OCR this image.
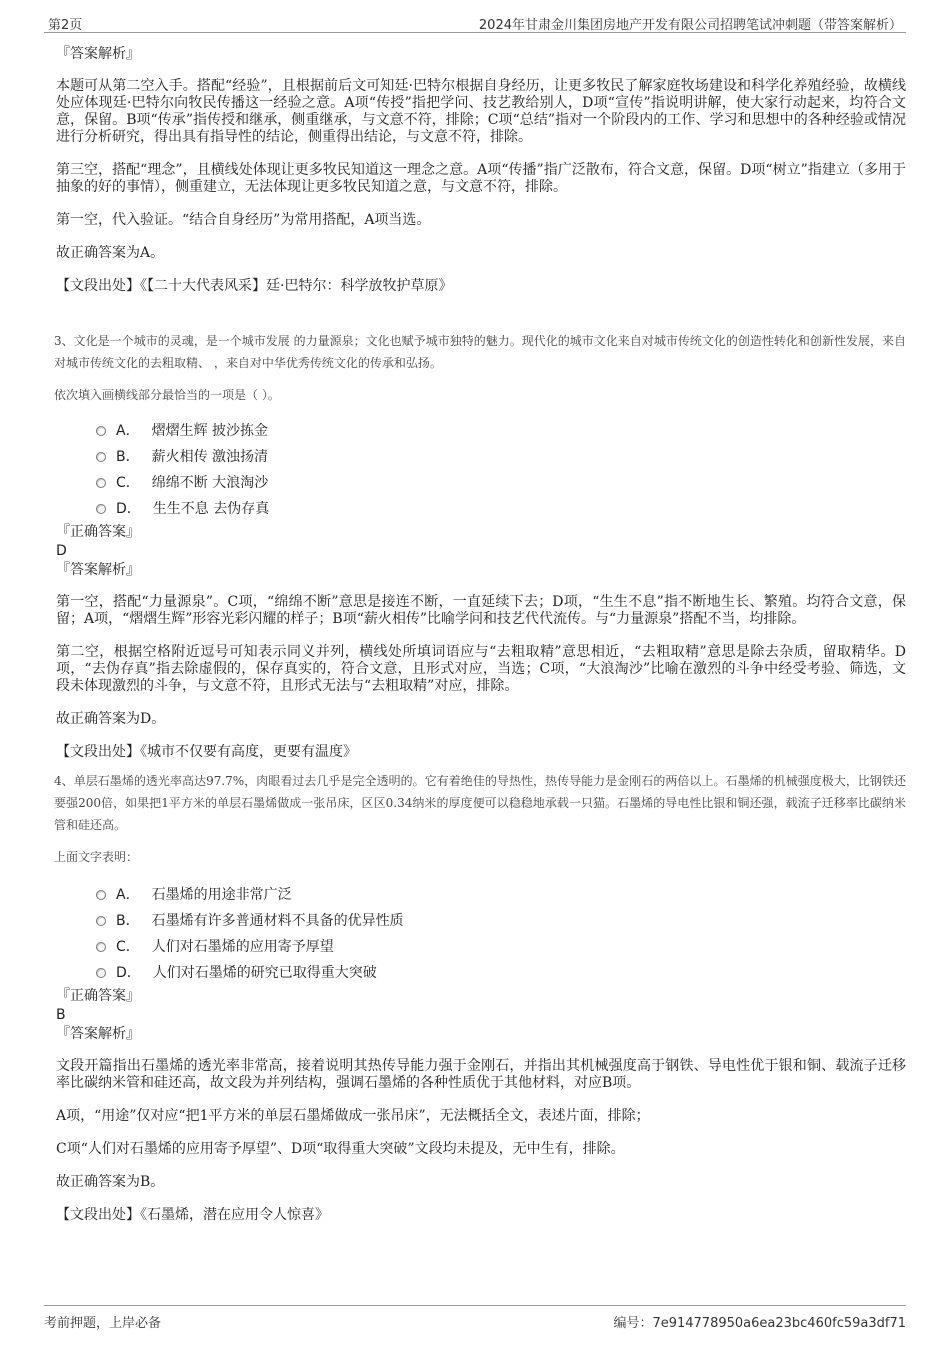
第2页	2024年甘肃金川集团房地产开发有限公司招聘笔试冲刺题（带答案解析）
『答案解析』

本题可从第二空入手。搭配“经验”，且根据前后文可知廷·巴特尔根据自身经历，让更多牧民了解家庭牧场建设和科学化养殖经验，故横线处应体现廷·巴特尔向牧民传播这一经验之意。A项“传授”指把学问、技艺教给别人，D项“宣传”指说明讲解，使大家行动起来，均符合文意，保留。B项“传承”指传授和继承，侧重继承，与文意不符，排除；C项“总结”指对一个阶段内的工作、学习和思想中的各种经验或情况进行分析研究，得出具有指导性的结论，侧重得出结论，与文意不符，排除。

第三空，搭配“理念”，且横线处体现让更多牧民知道这一理念之意。A项“传播”指广泛散布，符合文意，保留。D项“树立”指建立（多用于抽象的好的事情），侧重建立，无法体现让更多牧民知道之意，与文意不符，排除。

第一空，代入验证。“结合自身经历”为常用搭配，A项当选。

故正确答案为A。

【文段出处】《【二十大代表风采】廷·巴特尔：科学放牧护草原》
3、文化是一个城市的灵魂，是一个城市发展 的力量源泉；文化也赋予城市独特的魅力。现代化的城市文化来自对城市传统文化的创造性转化和创新性发展，来自对城市传统文化的去粗取精、 ，来自对中华优秀传统文化的传承和弘扬。
依次填入画横线部分最恰当的一项是（ ）。
A． 熠熠生辉 披沙拣金
B． 薪火相传 激浊扬清
C． 绵绵不断 大浪淘沙
D． 生生不息 去伪存真
『正确答案』
D
『答案解析』

第一空，搭配“力量源泉”。C项，“绵绵不断”意思是接连不断，一直延续下去；D项，“生生不息”指不断地生长、繁殖。均符合文意，保留；A项，“熠熠生辉”形容光彩闪耀的样子；B项“薪火相传”比喻学问和技艺代代流传。与“力量源泉”搭配不当，均排除。

第二空，根据空格附近逗号可知表示同义并列，横线处所填词语应与“去粗取精”意思相近，“去粗取精”意思是除去杂质，留取精华。D项，“去伪存真”指去除虚假的，保存真实的，符合文意，且形式对应，当选；C项，“大浪淘沙”比喻在激烈的斗争中经受考验、筛选，文段未体现激烈的斗争，与文意不符，且形式无法与“去粗取精”对应，排除。

故正确答案为D。

【文段出处】《城市不仅要有高度，更要有温度》
4、单层石墨烯的透光率高达97.7%，肉眼看过去几乎是完全透明的。它有着绝佳的导热性，热传导能力是金刚石的两倍以上。石墨烯的机械强度极大，比钢铁还要强200倍，如果把1平方米的单层石墨烯做成一张吊床，区区0.34纳米的厚度便可以稳稳地承载一只猫。石墨烯的导电性比银和铜还强，载流子迁移率比碳纳米管和硅还高。
上面文字表明：
A． 石墨烯的用途非常广泛
B． 石墨烯有许多普通材料不具备的优异性质
C． 人们对石墨烯的应用寄予厚望
D． 人们对石墨烯的研究已取得重大突破
『正确答案』
B
『答案解析』

文段开篇指出石墨烯的透光率非常高，接着说明其热传导能力强于金刚石，并指出其机械强度高于钢铁、导电性优于银和铜、载流子迁移率比碳纳米管和硅还高，故文段为并列结构，强调石墨烯的各种性质优于其他材料，对应B项。

A项，“用途”仅对应“把1平方米的单层石墨烯做成一张吊床”，无法概括全文，表述片面，排除；

C项“人们对石墨烯的应用寄予厚望”、D项“取得重大突破”文段均未提及，无中生有，排除。

故正确答案为B。

【文段出处】《石墨烯，潜在应用令人惊喜》
考前押题，上岸必备	编号：7e914778950a6ea23bc460fc59a3df71
